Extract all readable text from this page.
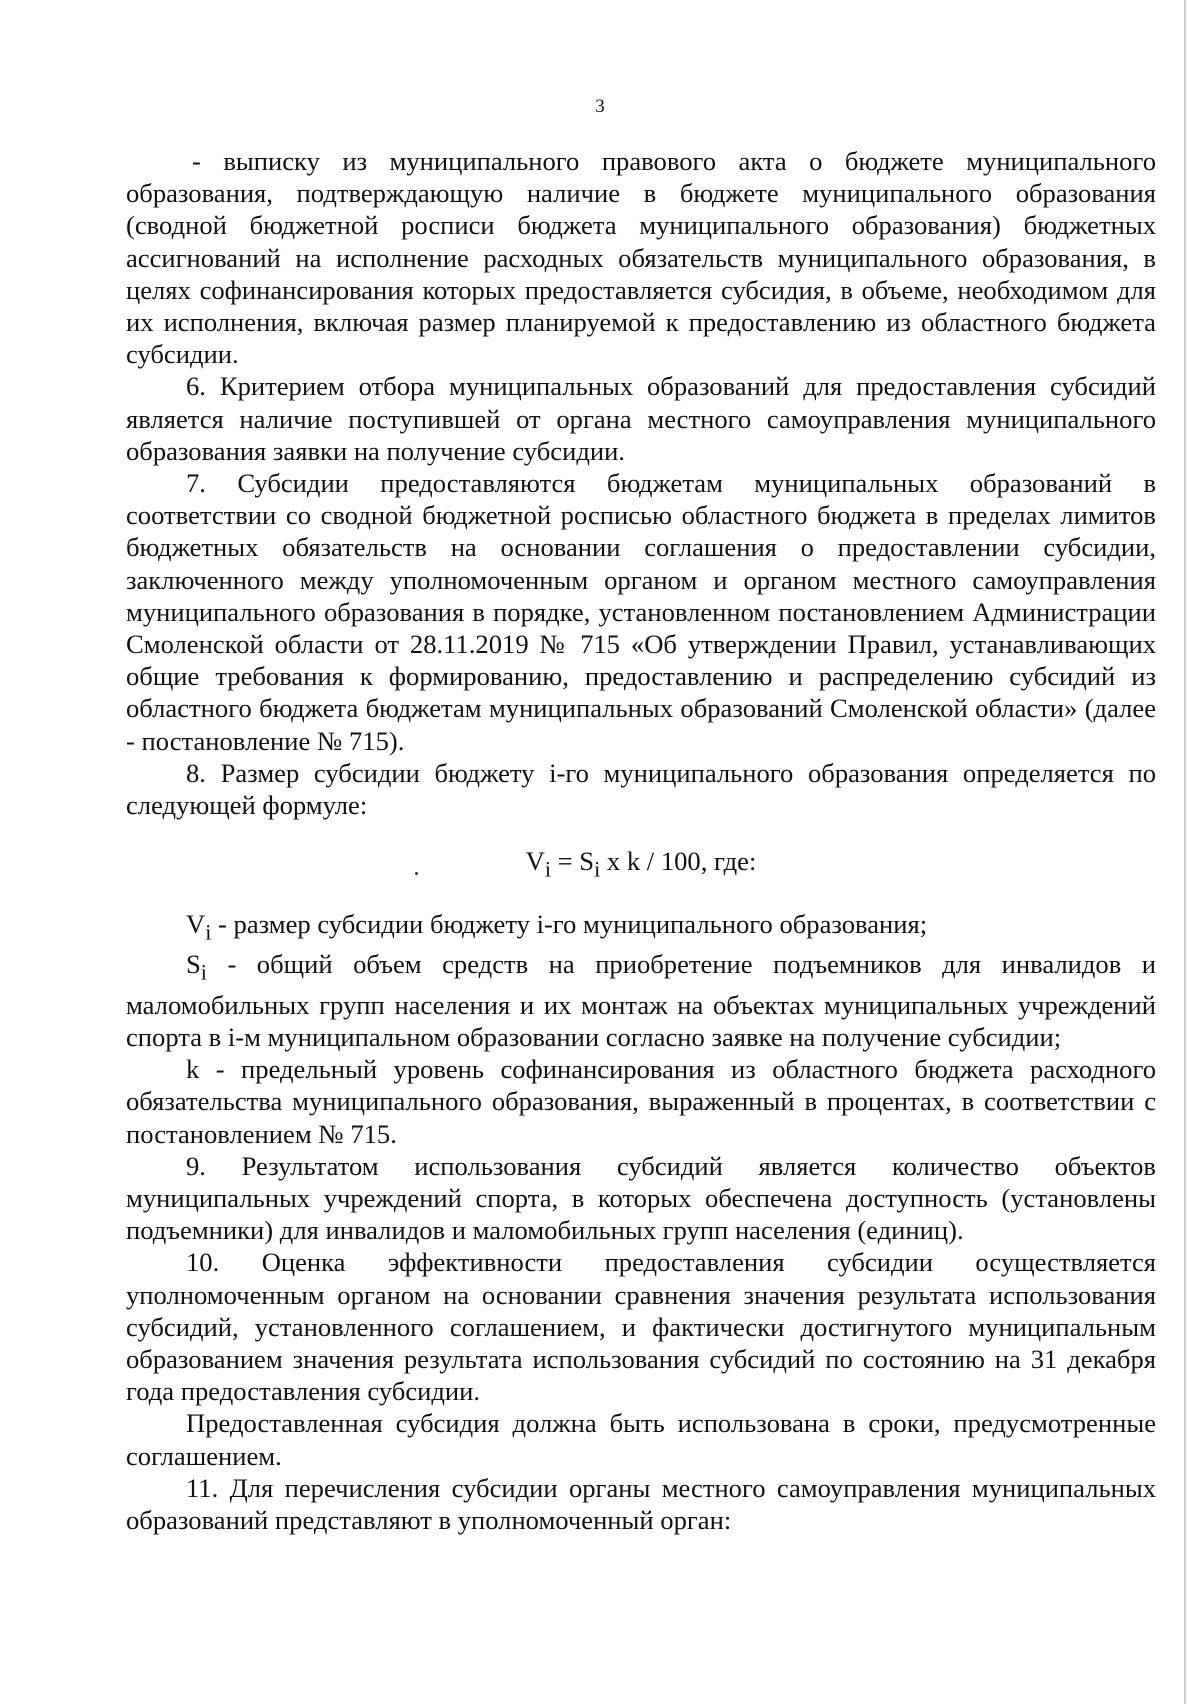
3

- выписку из муниципального правового акта о бюджете муниципального образования, подтверждающую наличие в бюджете муниципального образования (сводной бюджетной росписи бюджета муниципального образования) бюджетных ассигнований на исполнение расходных обязательств муниципального образования, в целях софинансирования которых предоставляется субсидия, в объеме, необходимом для их исполнения, включая размер планируемой к предоставлению из областного бюджета субсидии.

6. Критерием отбора муниципальных образований для предоставления субсидий является наличие поступившей от органа местного самоуправления муниципального образования заявки на получение субсидии.

7. Субсидии предоставляются бюджетам муниципальных образований в соответствии со сводной бюджетной росписью областного бюджета в пределах лимитов бюджетных обязательств на основании соглашения о предоставлении субсидии, заключенного между уполномоченным органом и органом местного самоуправления муниципального образования в порядке, установленном постановлением Администрации Смоленской области от 28.11.2019 № 715 «Об утверждении Правил, устанавливающих общие требования к формированию, предоставлению и распределению субсидий из областного бюджета бюджетам муниципальных образований Смоленской области» (далее - постановление № 715).

8. Размер субсидии бюджету i-го муниципального образования определяется по следующей формуле:

$V_i = S_i$ x k / 100, где:

$V_i$ - размер субсидии бюджету i-го муниципального образования;

$S_i$ - общий объем средств на приобретение подъемников для инвалидов и маломобильных групп населения и их монтаж на объектах муниципальных учреждений спорта в i-м муниципальном образовании согласно заявке на получение субсидии;

k - предельный уровень софинансирования из областного бюджета расходного обязательства муниципального образования, выраженный в процентах, в соответствии с постановлением № 715.

9. Результатом использования субсидий является количество объектов муниципальных учреждений спорта, в которых обеспечена доступность (установлены подъемники) для инвалидов и маломобильных групп населения (единиц).

10. Оценка эффективности предоставления субсидии осуществляется уполномоченным органом на основании сравнения значения результата использования субсидий, установленного соглашением, и фактически достигнутого муниципальным образованием значения результата использования субсидий по состоянию на 31 декабря года предоставления субсидии.

Предоставленная субсидия должна быть использована в сроки, предусмотренные соглашением.

11. Для перечисления субсидии органы местного самоуправления муниципальных образований представляют в уполномоченный орган:
